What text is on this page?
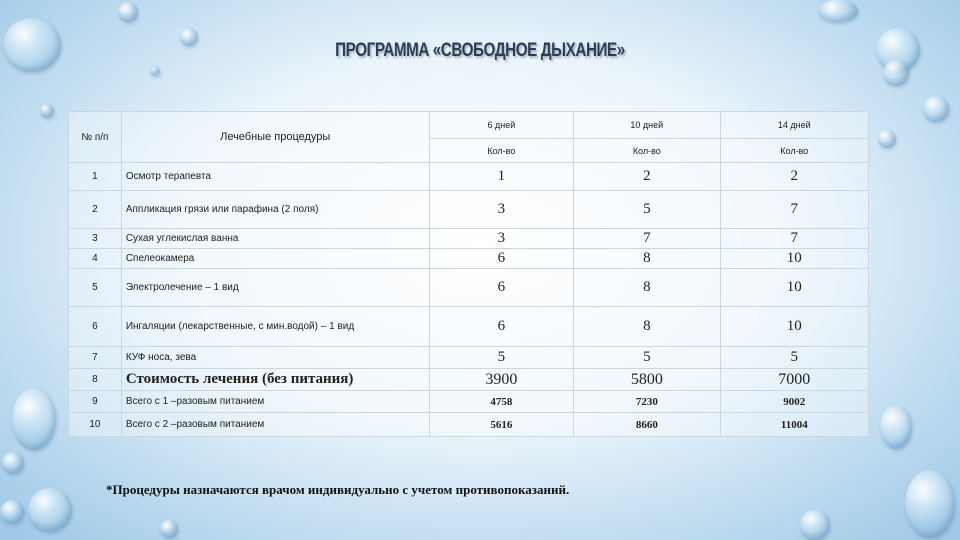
ПРОГРАММА «СВОБОДНОЕ ДЫХАНИЕ»
№ п/п	Лечебные процедуры	6 дней	10 дней	14 дней
		Кол-во	Кол-во	Кол-во
1	Осмотр терапевта	1	2	2
2	Аппликация грязи или парафина (2 поля)	3	5	7
3	Сухая углекислая ванна	3	7	7
4	Спелеокамера	6	8	10
5	Электролечение – 1 вид	6	8	10
6	Ингаляции (лекарственные, с мин.водой) – 1 вид	6	8	10
7	КУФ носа, зева	5	5	5
8	Стоимость лечения (без питания)	3900	5800	7000
9	Всего с 1 –разовым питанием	4758	7230	9002
10	Всего с 2 –разовым питанием	5616	8660	11004
*Процедуры назначаются врачом индивидуально с учетом противопоказаний.
